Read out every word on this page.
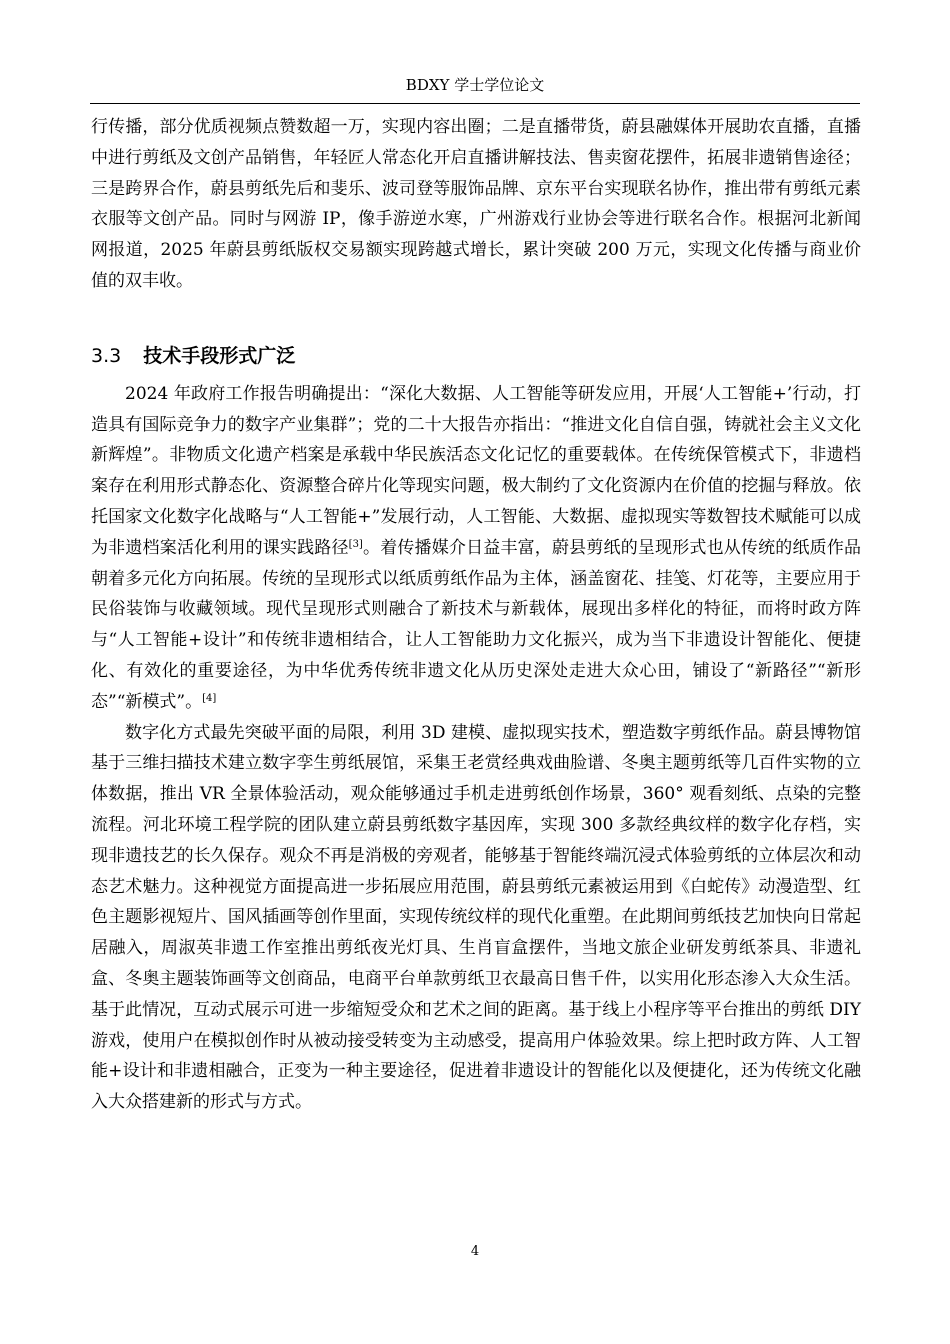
BDXY 学士学位论文

行传播，部分优质视频点赞数超一万，实现内容出圈；二是直播带货，蔚县融媒体开展助农直播，直播中进行剪纸及文创产品销售，年轻匠人常态化开启直播讲解技法、售卖窗花摆件，拓展非遗销售途径；三是跨界合作，蔚县剪纸先后和斐乐、波司登等服饰品牌、京东平台实现联名协作，推出带有剪纸元素衣服等文创产品。同时与网游 IP，像手游逆水寒，广州游戏行业协会等进行联名合作。根据河北新闻网报道，2025 年蔚县剪纸版权交易额实现跨越式增长，累计突破 200 万元，实现文化传播与商业价值的双丰收。

3.3 技术手段形式广泛

2024 年政府工作报告明确提出：“深化大数据、人工智能等研发应用，开展‘人工智能+’行动，打造具有国际竞争力的数字产业集群”；党的二十大报告亦指出：“推进文化自信自强，铸就社会主义文化新辉煌”。非物质文化遗产档案是承载中华民族活态文化记忆的重要载体。在传统保管模式下，非遗档案存在利用形式静态化、资源整合碎片化等现实问题，极大制约了文化资源内在价值的挖掘与释放。依托国家文化数字化战略与“人工智能+”发展行动，人工智能、大数据、虚拟现实等数智技术赋能可以成为非遗档案活化利用的课实践路径[3]。着传播媒介日益丰富，蔚县剪纸的呈现形式也从传统的纸质作品朝着多元化方向拓展。传统的呈现形式以纸质剪纸作品为主体，涵盖窗花、挂笺、灯花等，主要应用于民俗装饰与收藏领域。现代呈现形式则融合了新技术与新载体，展现出多样化的特征，而将时政方阵与“人工智能+设计”和传统非遗相结合，让人工智能助力文化振兴，成为当下非遗设计智能化、便捷化、有效化的重要途径，为中华优秀传统非遗文化从历史深处走进大众心田，铺设了“新路径”“新形态”“新模式”。[4]

数字化方式最先突破平面的局限，利用 3D 建模、虚拟现实技术，塑造数字剪纸作品。蔚县博物馆基于三维扫描技术建立数字孪生剪纸展馆，采集王老赏经典戏曲脸谱、冬奥主题剪纸等几百件实物的立体数据，推出 VR 全景体验活动，观众能够通过手机走进剪纸创作场景，360° 观看刻纸、点染的完整流程。河北环境工程学院的团队建立蔚县剪纸数字基因库，实现 300 多款经典纹样的数字化存档，实现非遗技艺的长久保存。观众不再是消极的旁观者，能够基于智能终端沉浸式体验剪纸的立体层次和动态艺术魅力。这种视觉方面提高进一步拓展应用范围，蔚县剪纸元素被运用到《白蛇传》动漫造型、红色主题影视短片、国风插画等创作里面，实现传统纹样的现代化重塑。在此期间剪纸技艺加快向日常起居融入，周淑英非遗工作室推出剪纸夜光灯具、生肖盲盒摆件，当地文旅企业研发剪纸茶具、非遗礼盒、冬奥主题装饰画等文创商品，电商平台单款剪纸卫衣最高日售千件，以实用化形态渗入大众生活。基于此情况，互动式展示可进一步缩短受众和艺术之间的距离。基于线上小程序等平台推出的剪纸 DIY 游戏，使用户在模拟创作时从被动接受转变为主动感受，提高用户体验效果。综上把时政方阵、人工智能+设计和非遗相融合，正变为一种主要途径，促进着非遗设计的智能化以及便捷化，还为传统文化融入大众搭建新的形式与方式。

4
